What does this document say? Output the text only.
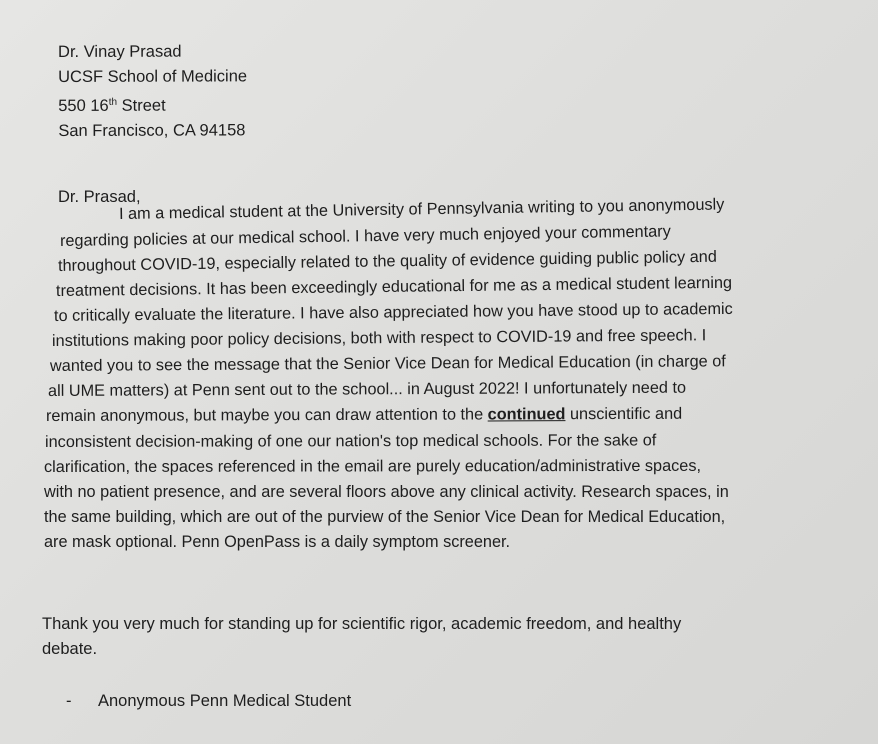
Dr. Vinay Prasad
UCSF School of Medicine
550 16th Street
San Francisco, CA 94158
Dr. Prasad,
I am a medical student at the University of Pennsylvania writing to you anonymously
regarding policies at our medical school. I have very much enjoyed your commentary
throughout COVID-19, especially related to the quality of evidence guiding public policy and
treatment decisions. It has been exceedingly educational for me as a medical student learning
to critically evaluate the literature. I have also appreciated how you have stood up to academic
institutions making poor policy decisions, both with respect to COVID-19 and free speech. I
wanted you to see the message that the Senior Vice Dean for Medical Education (in charge of
all UME matters) at Penn sent out to the school... in August 2022! I unfortunately need to
remain anonymous, but maybe you can draw attention to the continued unscientific and
inconsistent decision-making of one our nation's top medical schools. For the sake of
clarification, the spaces referenced in the email are purely education/administrative spaces,
with no patient presence, and are several floors above any clinical activity. Research spaces, in
the same building, which are out of the purview of the Senior Vice Dean for Medical Education,
are mask optional. Penn OpenPass is a daily symptom screener.
Thank you very much for standing up for scientific rigor, academic freedom, and healthy
debate.
- Anonymous Penn Medical Student
